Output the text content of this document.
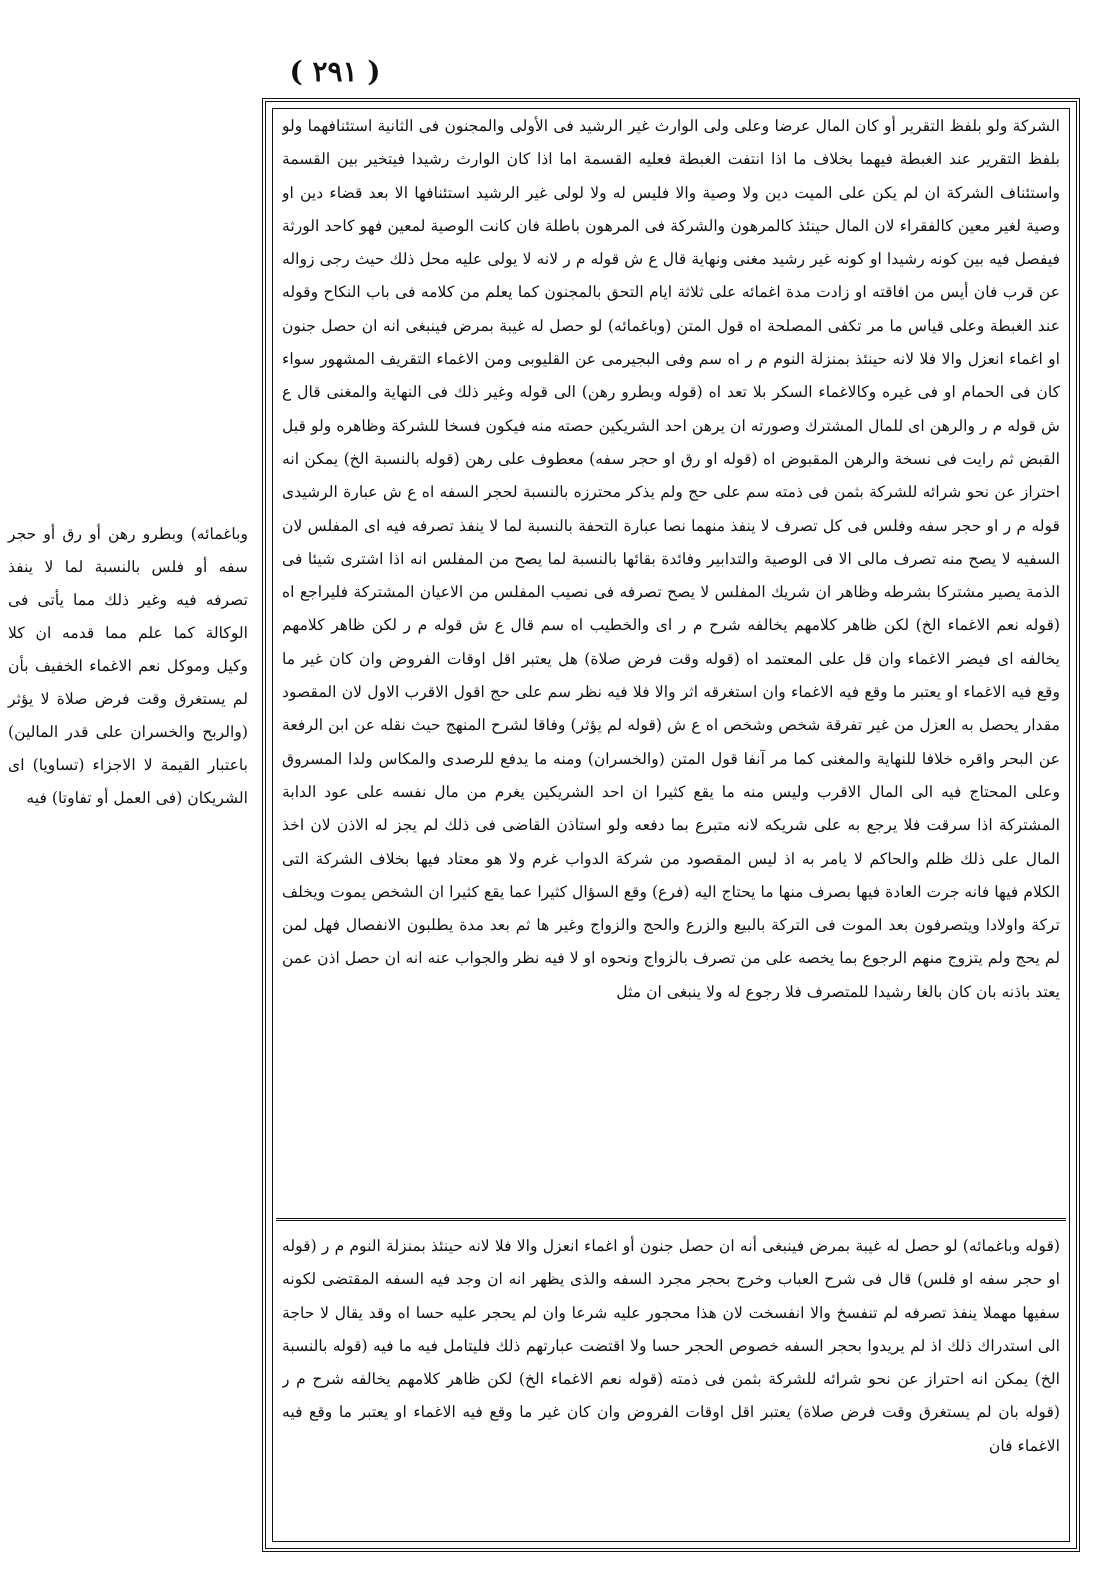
( ٢٩١ )

وباغمائه) وبطرو رهن أو رق أو حجر سفه أو فلس بالنسبة لما لا ينفذ تصرفه فيه وغير ذلك مما يأتى فى الوكالة كما علم مما قدمه ان كلا وكيل وموكل نعم الاغماء الخفيف بأن لم يستغرق وقت فرض صلاة لا يؤثر (والربح والخسران على قدر المالين) باعتبار القيمة لا الاجزاء (تساويا) اى الشريكان (فى العمل أو تفاوتا) فيه

الشركة ولو بلفظ التقرير أو كان المال عرضا وعلى ولى الوارث غير الرشيد فى الأولى والمجنون فى الثانية استئنافهما ولو بلفظ التقرير عند الغبطة فيهما بخلاف ما اذا انتفت الغبطة فعليه القسمة اما اذا كان الوارث رشيدا فيتخير بين القسمة واستئناف الشركة ان لم يكن على الميت دين ولا وصية والا فليس له ولا لولى غير الرشيد استئنافها الا بعد قضاء دين او وصية لغير معين كالفقراء لان المال حينئذ كالمرهون والشركة فى المرهون باطلة فان كانت الوصية لمعين فهو كاحد الورثة فيفصل فيه بين كونه رشيدا او كونه غير رشيد مغنى ونهاية قال ع ش قوله م ر لانه لا يولى عليه محل ذلك حيث رجى زواله عن قرب فان أيس من افاقته او زادت مدة اغمائه على ثلاثة ايام التحق بالمجنون كما يعلم من كلامه فى باب النكاح وقوله عند الغبطة وعلى قياس ما مر تكفى المصلحة اه قول المتن (وباغمائه) لو حصل له غيبة بمرض فينبغى انه ان حصل جنون او اغماء انعزل والا فلا لانه حينئذ بمنزلة النوم م ر اه سم وفى البجيرمى عن القليوبى ومن الاغماء التقريف المشهور سواء كان فى الحمام او فى غيره وكالاغماء السكر بلا تعد اه (قوله وبطرو رهن) الى قوله وغير ذلك فى النهاية والمغنى قال ع ش قوله م ر والرهن اى للمال المشترك وصورته ان يرهن احد الشريكين حصته منه فيكون فسخا للشركة وظاهره ولو قبل القبض ثم رايت فى نسخة والرهن المقبوض اه (قوله او رق او حجر سفه) معطوف على رهن (قوله بالنسبة الخ) يمكن انه احتراز عن نحو شرائه للشركة بثمن فى ذمته سم على حج ولم يذكر محترزه بالنسبة لحجر السفه اه ع ش عبارة الرشيدى قوله م ر او حجر سفه وفلس فى كل تصرف لا ينفذ منهما نصا عبارة التحفة بالنسبة لما لا ينفذ تصرفه فيه اى المفلس لان السفيه لا يصح منه تصرف مالى الا فى الوصية والتدابير وفائدة بقائها بالنسبة لما يصح من المفلس انه اذا اشترى شيئا فى الذمة يصير مشتركا بشرطه وظاهر ان شريك المفلس لا يصح تصرفه فى نصيب المفلس من الاعيان المشتركة فليراجع اه (قوله نعم الاغماء الخ) لكن ظاهر كلامهم يخالفه شرح م ر اى والخطيب اه سم قال ع ش قوله م ر لكن ظاهر كلامهم يخالفه اى فيضر الاغماء وان قل على المعتمد اه (قوله وقت فرض صلاة) هل يعتبر اقل اوقات الفروض وان كان غير ما وقع فيه الاغماء او يعتبر ما وقع فيه الاغماء وان استغرقه اثر والا فلا فيه نظر سم على حج اقول الاقرب الاول لان المقصود مقدار يحصل به العزل من غير تفرقة شخص وشخص اه ع ش (قوله لم يؤثر) وفاقا لشرح المنهج حيث نقله عن ابن الرفعة عن البحر واقره خلافا للنهاية والمغنى كما مر آنفا قول المتن (والخسران) ومنه ما يدفع للرصدى والمكاس ولدا المسروق وعلى المحتاج فيه الى المال الاقرب وليس منه ما يقع كثيرا ان احد الشريكين يغرم من مال نفسه على عود الدابة المشتركة اذا سرقت فلا يرجع به على شريكه لانه متبرع بما دفعه ولو استاذن القاضى فى ذلك لم يجز له الاذن لان اخذ المال على ذلك ظلم والحاكم لا يامر به اذ ليس المقصود من شركة الدواب غرم ولا هو معتاد فيها بخلاف الشركة التى الكلام فيها فانه جرت العادة فيها بصرف منها ما يحتاج اليه (فرع) وقع السؤال كثيرا عما يقع كثيرا ان الشخص يموت ويخلف تركة واولادا ويتصرفون بعد الموت فى التركة بالبيع والزرع والحج والزواج وغير ها ثم بعد مدة يطلبون الانفصال فهل لمن لم يحج ولم يتزوج منهم الرجوع بما يخصه على من تصرف بالزواج ونحوه او لا فيه نظر والجواب عنه انه ان حصل اذن عمن يعتد باذنه بان كان بالغا رشيدا للمتصرف فلا رجوع له ولا ينبغى ان مثل

(قوله وباغمائه) لو حصل له غيبة بمرض فينبغى أنه ان حصل جنون أو اغماء انعزل والا فلا لانه حينئذ بمنزلة النوم م ر (قوله او حجر سفه او فلس) قال فى شرح العباب وخرج بحجر مجرد السفه والذى يظهر انه ان وجد فيه السفه المقتضى لكونه سفيها مهملا ينفذ تصرفه لم تنفسخ والا انفسخت لان هذا محجور عليه شرعا وان لم يحجر عليه حسا اه وقد يقال لا حاجة الى استدراك ذلك اذ لم يريدوا بحجر السفه خصوص الحجر حسا ولا اقتضت عبارتهم ذلك فليتامل فيه ما فيه (قوله بالنسبة الخ) يمكن انه احتراز عن نحو شرائه للشركة بثمن فى ذمته (قوله نعم الاغماء الخ) لكن ظاهر كلامهم يخالفه شرح م ر (قوله بان لم يستغرق وقت فرض صلاة) يعتبر اقل اوقات الفروض وان كان غير ما وقع فيه الاغماء او يعتبر ما وقع فيه الاغماء فان
